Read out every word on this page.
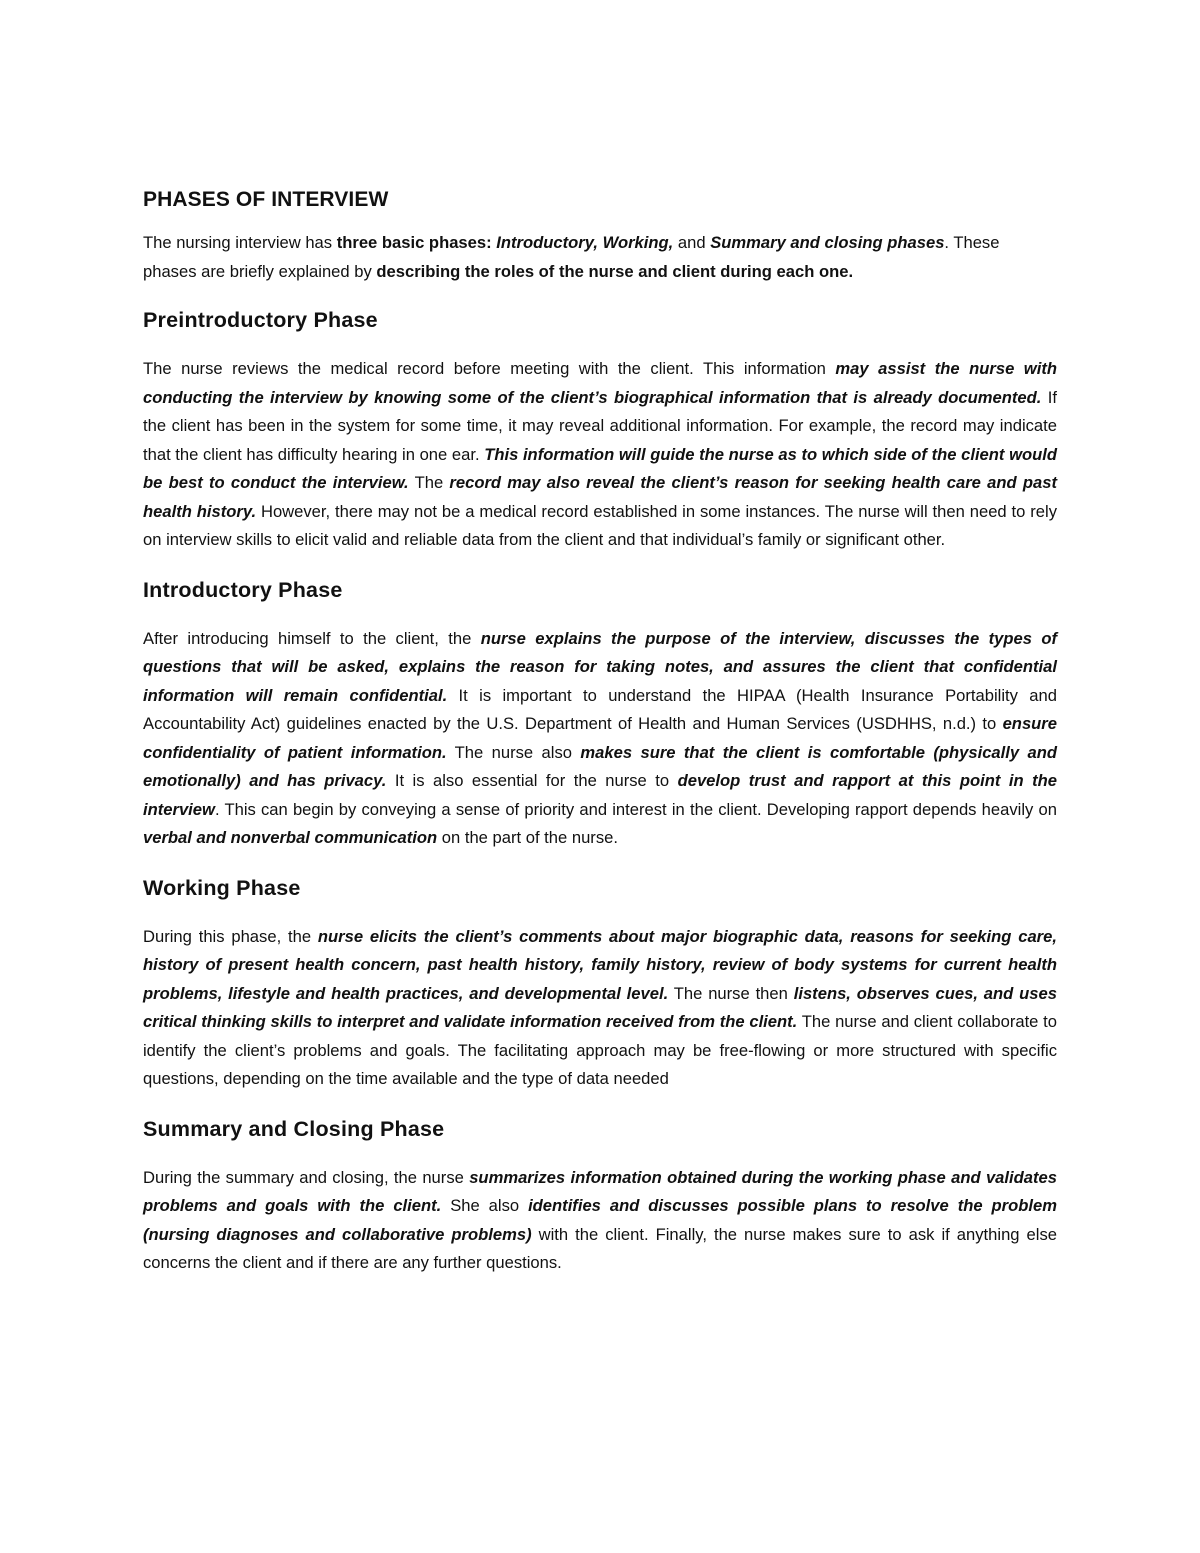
PHASES OF INTERVIEW

The nursing interview has three basic phases: Introductory, Working, and Summary and closing phases. These phases are briefly explained by describing the roles of the nurse and client during each one.

Preintroductory Phase

The nurse reviews the medical record before meeting with the client. This information may assist the nurse with conducting the interview by knowing some of the client’s biographical information that is already documented. If the client has been in the system for some time, it may reveal additional information. For example, the record may indicate that the client has difficulty hearing in one ear. This information will guide the nurse as to which side of the client would be best to conduct the interview. The record may also reveal the client’s reason for seeking health care and past health history. However, there may not be a medical record established in some instances. The nurse will then need to rely on interview skills to elicit valid and reliable data from the client and that individual’s family or significant other.

Introductory Phase

After introducing himself to the client, the nurse explains the purpose of the interview, discusses the types of questions that will be asked, explains the reason for taking notes, and assures the client that confidential information will remain confidential. It is important to understand the HIPAA (Health Insurance Portability and Accountability Act) guidelines enacted by the U.S. Department of Health and Human Services (USDHHS, n.d.) to ensure confidentiality of patient information. The nurse also makes sure that the client is comfortable (physically and emotionally) and has privacy. It is also essential for the nurse to develop trust and rapport at this point in the interview. This can begin by conveying a sense of priority and interest in the client. Developing rapport depends heavily on verbal and nonverbal communication on the part of the nurse.

Working Phase

During this phase, the nurse elicits the client’s comments about major biographic data, reasons for seeking care, history of present health concern, past health history, family history, review of body systems for current health problems, lifestyle and health practices, and developmental level. The nurse then listens, observes cues, and uses critical thinking skills to interpret and validate information received from the client. The nurse and client collaborate to identify the client’s problems and goals. The facilitating approach may be free-flowing or more structured with specific questions, depending on the time available and the type of data needed

Summary and Closing Phase

During the summary and closing, the nurse summarizes information obtained during the working phase and validates problems and goals with the client. She also identifies and discusses possible plans to resolve the problem (nursing diagnoses and collaborative problems) with the client. Finally, the nurse makes sure to ask if anything else concerns the client and if there are any further questions.
